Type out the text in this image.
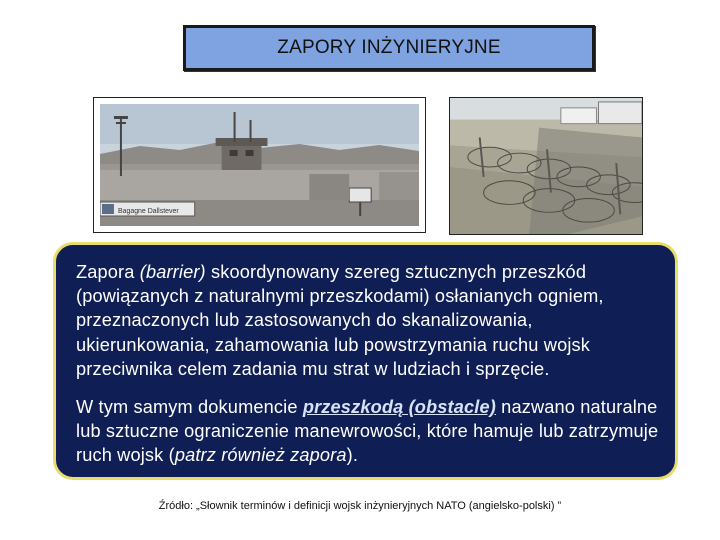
ZAPORY INŻYNIERYJNE
Bagagne Dallstever

Zapora (barrier) skoordynowany szereg sztucznych przeszkód (powiązanych z naturalnymi przeszkodami) osłanianych ogniem, przeznaczonych lub zastosowanych do skanalizowania, ukierunkowania, zahamowania lub powstrzymania ruchu wojsk przeciwnika celem zadania mu strat w ludziach i sprzęcie.

W tym samym dokumencie przeszkodą (obstacle) nazwano naturalne lub sztuczne ograniczenie manewrowości, które hamuje lub zatrzymuje ruch wojsk (patrz również zapora).

Źródło: „Słownik terminów i definicji wojsk inżynieryjnych NATO (angielsko-polski) ”
